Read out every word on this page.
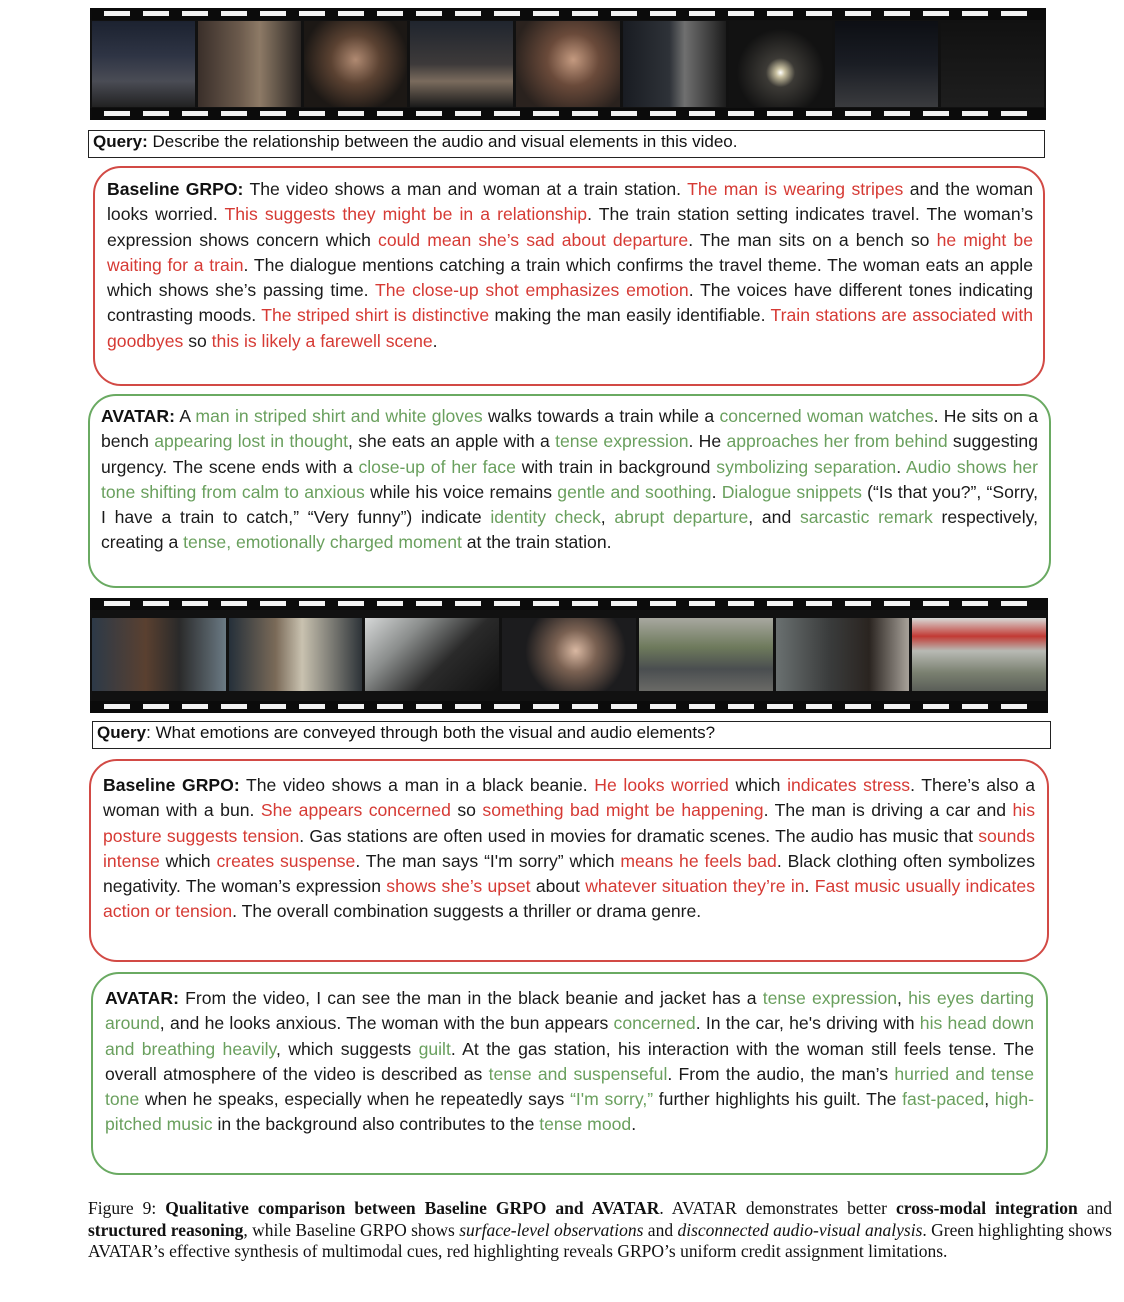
Query: Describe the relationship between the audio and visual elements in this video.
Baseline GRPO: The video shows a man and woman at a train station. The man is wearing stripes and the woman looks worried. This suggests they might be in a relationship. The train station setting indicates travel. The woman’s expression shows concern which could mean she’s sad about departure. The man sits on a bench so he might be waiting for a train. The dialogue mentions catching a train which confirms the travel theme. The woman eats an apple which shows she’s passing time. The close-up shot emphasizes emotion. The voices have different tones indicating contrasting moods. The striped shirt is distinctive making the man easily identifiable. Train stations are associated with goodbyes so this is likely a farewell scene.
AVATAR: A man in striped shirt and white gloves walks towards a train while a concerned woman watches. He sits on a bench appearing lost in thought, she eats an apple with a tense expression. He approaches her from behind suggesting urgency. The scene ends with a close-up of her face with train in background symbolizing separation. Audio shows her tone shifting from calm to anxious while his voice remains gentle and soothing. Dialogue snippets (“Is that you?”, “Sorry, I have a train to catch,” “Very funny”) indicate identity check, abrupt departure, and sarcastic remark respectively, creating a tense, emotionally charged moment at the train station.
Query: What emotions are conveyed through both the visual and audio elements?
Baseline GRPO: The video shows a man in a black beanie. He looks worried which indicates stress. There’s also a woman with a bun. She appears concerned so something bad might be happening. The man is driving a car and his posture suggests tension. Gas stations are often used in movies for dramatic scenes. The audio has music that sounds intense which creates suspense. The man says “I'm sorry” which means he feels bad. Black clothing often symbolizes negativity. The woman’s expression shows she’s upset about whatever situation they’re in. Fast music usually indicates action or tension. The overall combination suggests a thriller or drama genre.
AVATAR: From the video, I can see the man in the black beanie and jacket has a tense expression, his eyes darting around, and he looks anxious. The woman with the bun appears concerned. In the car, he's driving with his head down and breathing heavily, which suggests guilt. At the gas station, his interaction with the woman still feels tense. The overall atmosphere of the video is described as tense and suspenseful. From the audio, the man’s hurried and tense tone when he speaks, especially when he repeatedly says “I'm sorry,” further highlights his guilt. The fast-paced, high-pitched music in the background also contributes to the tense mood.
Figure 9: Qualitative comparison between Baseline GRPO and AVATAR. AVATAR demonstrates better cross-modal integration and structured reasoning, while Baseline GRPO shows surface-level observations and disconnected audio-visual analysis. Green highlighting shows AVATAR’s effective synthesis of multimodal cues, red highlighting reveals GRPO’s uniform credit assignment limitations.
